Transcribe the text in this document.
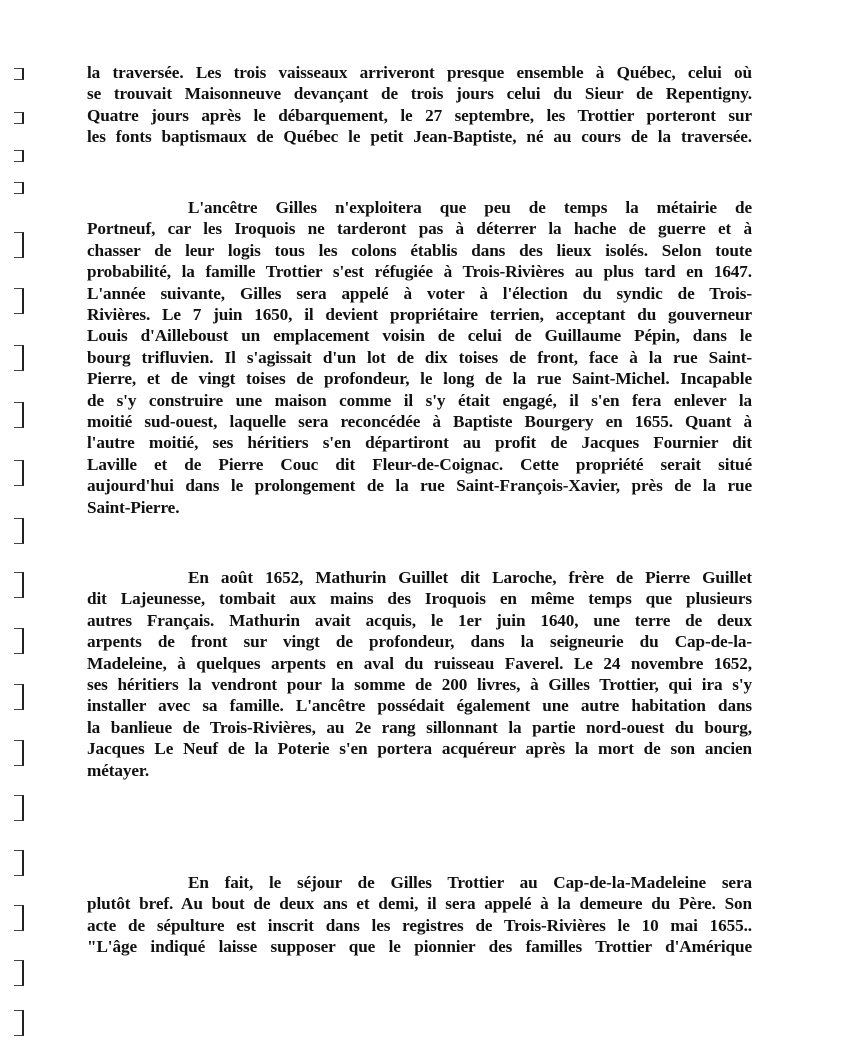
la traversée. Les trois vaisseaux arriveront presque ensemble à Québec, celui où
se trouvait Maisonneuve devançant de trois jours celui du Sieur de Repentigny.
Quatre jours après le débarquement, le 27 septembre, les Trottier porteront sur
les fonts baptismaux de Québec le petit Jean-Baptiste, né au cours de la traversée.
L'ancêtre Gilles n'exploitera que peu de temps la métairie de
Portneuf, car les Iroquois ne tarderont pas à déterrer la hache de guerre et à
chasser de leur logis tous les colons établis dans des lieux isolés. Selon toute
probabilité, la famille Trottier s'est réfugiée à Trois-Rivières au plus tard en 1647.
L'année suivante, Gilles sera appelé à voter à l'élection du syndic de Trois-
Rivières. Le 7 juin 1650, il devient propriétaire terrien, acceptant du gouverneur
Louis d'Ailleboust un emplacement voisin de celui de Guillaume Pépin, dans le
bourg trifluvien. Il s'agissait d'un lot de dix toises de front, face à la rue Saint-
Pierre, et de vingt toises de profondeur, le long de la rue Saint-Michel. Incapable
de s'y construire une maison comme il s'y était engagé, il s'en fera enlever la
moitié sud-ouest, laquelle sera reconcédée à Baptiste Bourgery en 1655. Quant à
l'autre moitié, ses héritiers s'en départiront au profit de Jacques Fournier dit
Laville et de Pierre Couc dit Fleur-de-Coignac. Cette propriété serait situé
aujourd'hui dans le prolongement de la rue Saint-François-Xavier, près de la rue
Saint-Pierre.
En août 1652, Mathurin Guillet dit Laroche, frère de Pierre Guillet
dit Lajeunesse, tombait aux mains des Iroquois en même temps que plusieurs
autres Français. Mathurin avait acquis, le 1er juin 1640, une terre de deux
arpents de front sur vingt de profondeur, dans la seigneurie du Cap-de-la-
Madeleine, à quelques arpents en aval du ruisseau Faverel. Le 24 novembre 1652,
ses héritiers la vendront pour la somme de 200 livres, à Gilles Trottier, qui ira s'y
installer avec sa famille. L'ancêtre possédait également une autre habitation dans
la banlieue de Trois-Rivières, au 2e rang sillonnant la partie nord-ouest du bourg,
Jacques Le Neuf de la Poterie s'en portera acquéreur après la mort de son ancien
métayer.
En fait, le séjour de Gilles Trottier au Cap-de-la-Madeleine sera
plutôt bref. Au bout de deux ans et demi, il sera appelé à la demeure du Père. Son
acte de sépulture est inscrit dans les registres de Trois-Rivières le 10 mai 1655..
"L'âge indiqué laisse supposer que le pionnier des familles Trottier d'Amérique
